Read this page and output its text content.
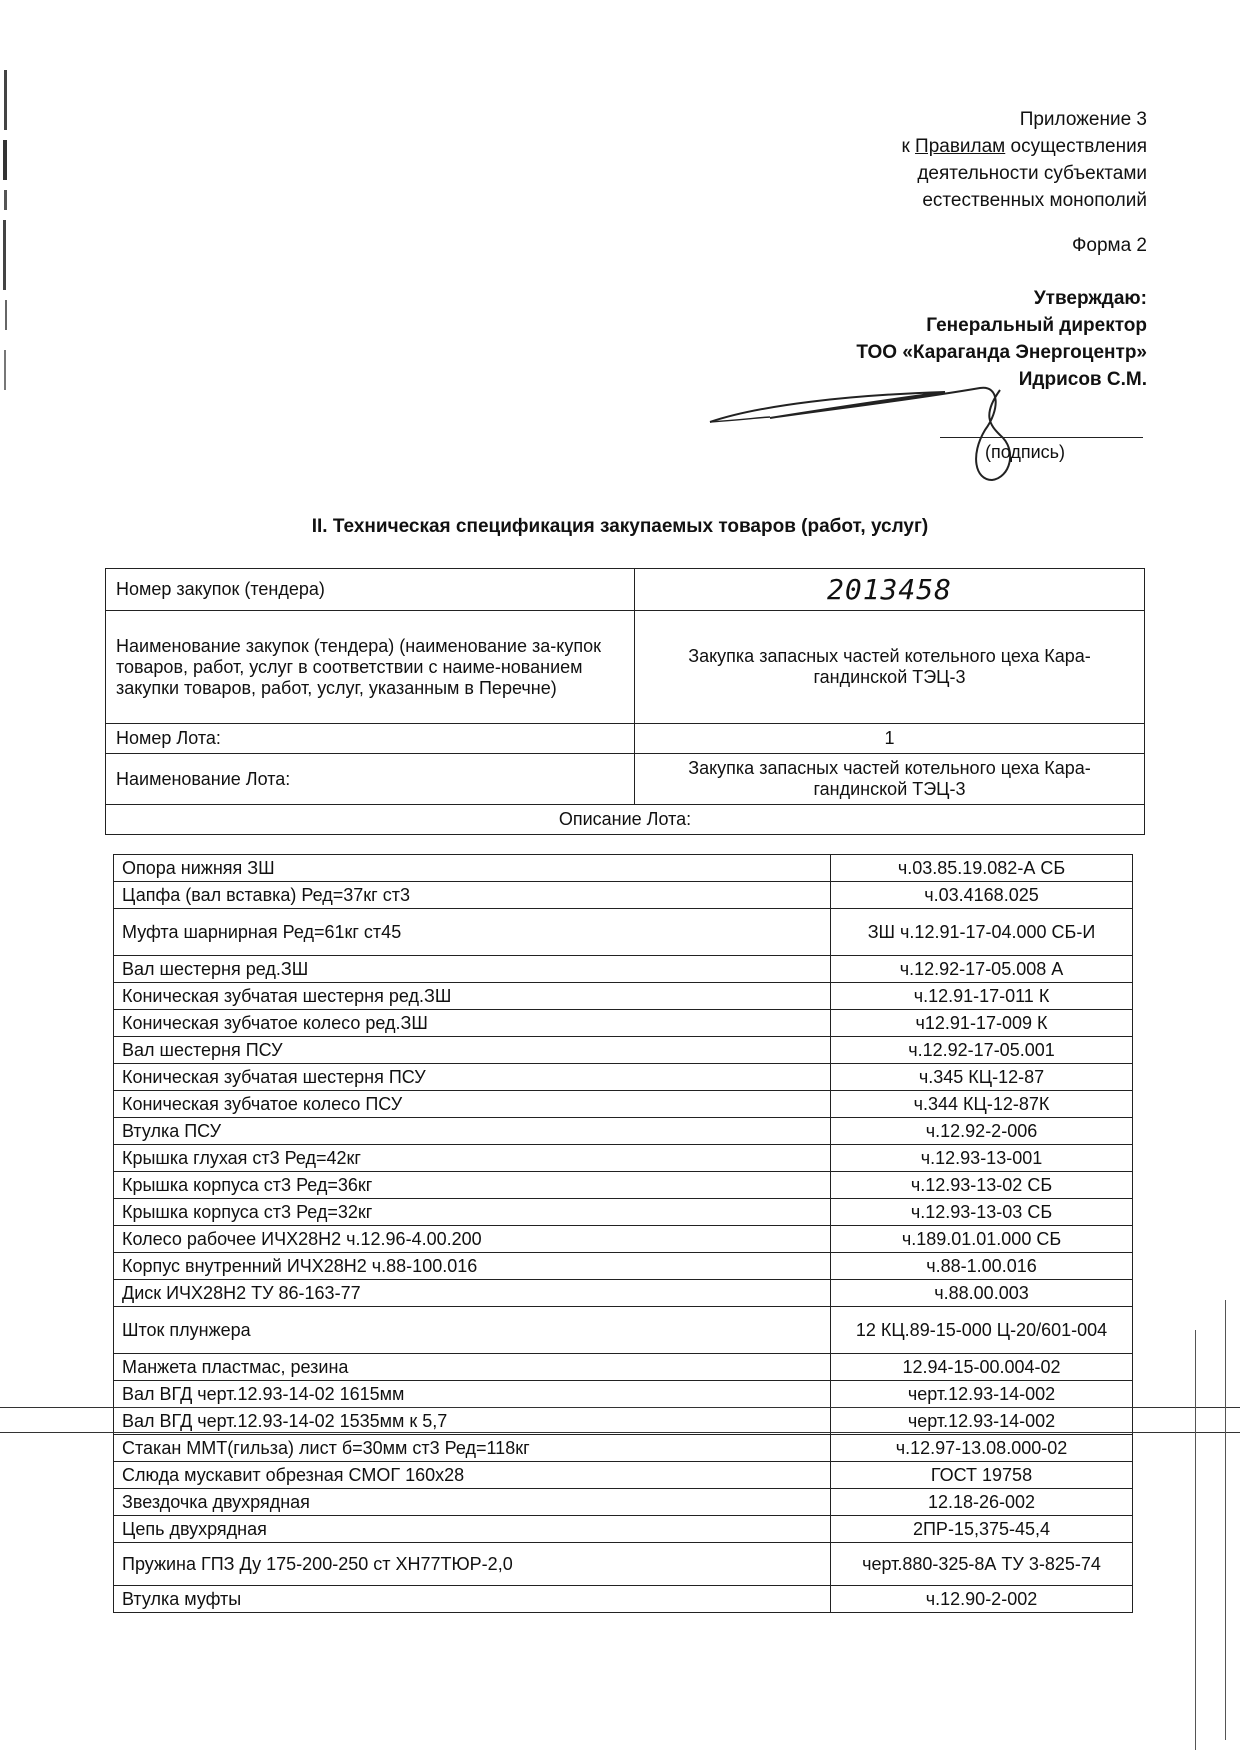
Приложение 3
к Правилам осуществления
деятельности субъектами
естественных монополий
Форма 2
Утверждаю:
Генеральный директор
ТОО «Караганда Энергоцентр»
Идрисов С.М.
(подпись)
II. Техническая спецификация закупаемых товаров (работ, услуг)
Номер закупок (тендера)	2013458
Наименование закупок (тендера) (наименование за-купок товаров, работ, услуг в соответствии с наиме-нованием закупки товаров, работ, услуг, указанным в Перечне)	Закупка запасных частей котельного цеха Кара-гандинской ТЭЦ-3
Номер Лота:	1
Наименование Лота:	Закупка запасных частей котельного цеха Кара-гандинской ТЭЦ-3
Описание Лота:	
Опора нижняя ЗШ	ч.03.85.19.082-А СБ
Цапфа (вал вставка) Ред=37кг ст3	ч.03.4168.025
Муфта шарнирная Ред=61кг ст45	ЗШ ч.12.91-17-04.000 СБ-И
Вал шестерня ред.ЗШ	ч.12.92-17-05.008 А
Коническая зубчатая шестерня ред.ЗШ	ч.12.91-17-011 К
Коническая зубчатое колесо ред.ЗШ	ч12.91-17-009 К
Вал шестерня ПСУ	ч.12.92-17-05.001
Коническая зубчатая шестерня ПСУ	ч.345 КЦ-12-87
Коническая зубчатое колесо ПСУ	ч.344 КЦ-12-87К
Втулка ПСУ	ч.12.92-2-006
Крышка глухая ст3 Ред=42кг	ч.12.93-13-001
Крышка корпуса ст3 Ред=36кг	ч.12.93-13-02 СБ
Крышка корпуса ст3 Ред=32кг	ч.12.93-13-03 СБ
Колесо рабочее ИЧХ28Н2 ч.12.96-4.00.200	ч.189.01.01.000 СБ
Корпус внутренний ИЧХ28Н2 ч.88-100.016	ч.88-1.00.016
Диск ИЧХ28Н2 ТУ 86-163-77	ч.88.00.003
Шток плунжера	12 КЦ.89-15-000 Ц-20/601-004
Манжета пластмас, резина	12.94-15-00.004-02
Вал ВГД черт.12.93-14-02 1615мм	черт.12.93-14-002
Вал ВГД черт.12.93-14-02 1535мм к 5,7	черт.12.93-14-002
Стакан ММТ(гильза) лист б=30мм ст3 Ред=118кг	ч.12.97-13.08.000-02
Слюда мускавит обрезная СМОГ 160х28	ГОСТ 19758
Звездочка двухрядная	12.18-26-002
Цепь двухрядная	2ПР-15,375-45,4
Пружина ГПЗ Ду 175-200-250 ст ХН77ТЮР-2,0	черт.880-325-8А ТУ 3-825-74
Втулка муфты	ч.12.90-2-002
